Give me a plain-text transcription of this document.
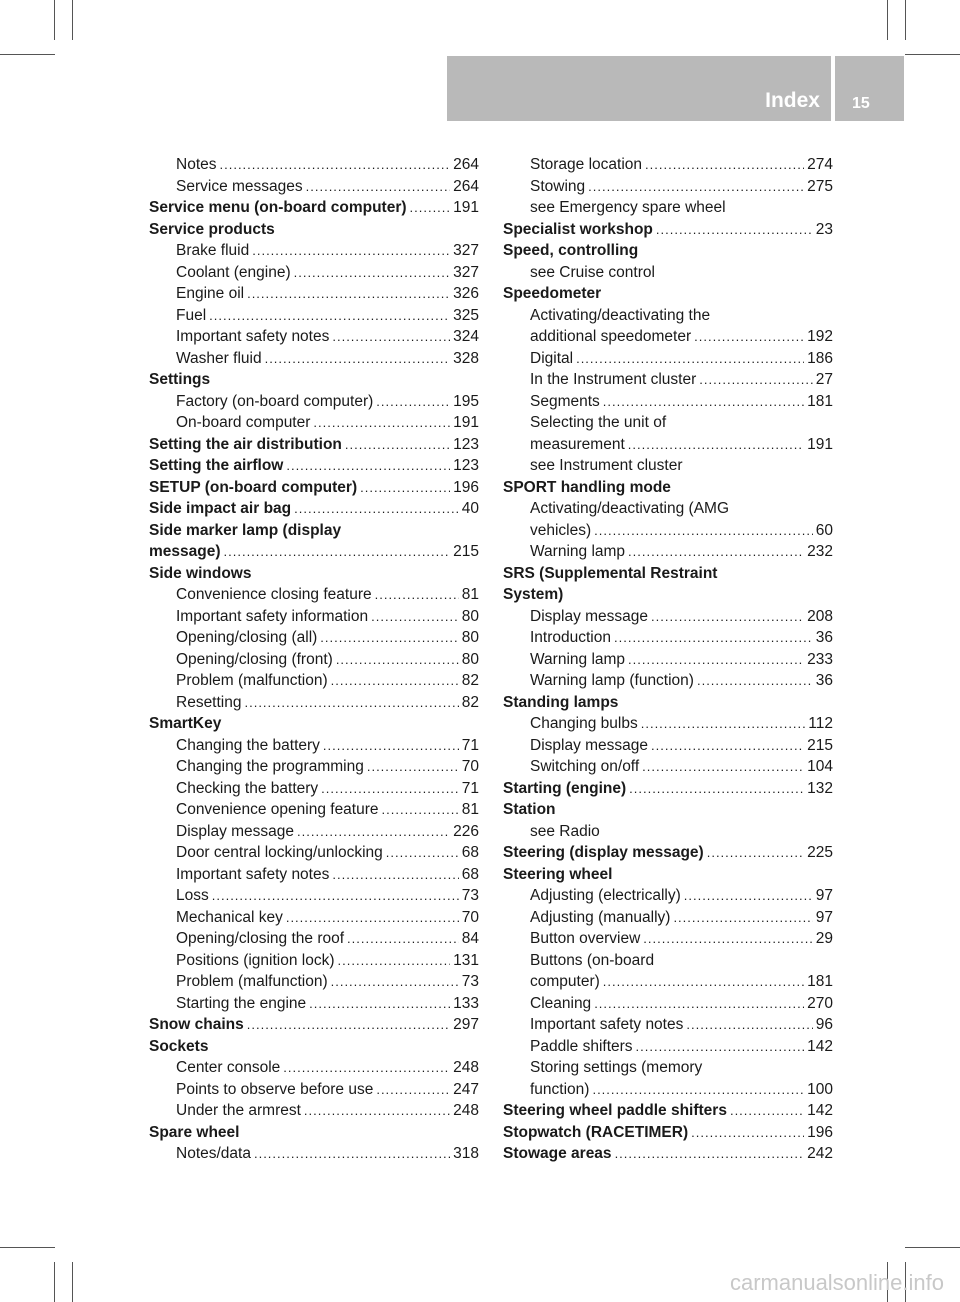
Index 15
Notes .....	264
Service messages .....	264
Service menu (on-board computer) .....	191
Service products
Brake fluid .....	327
Coolant (engine) .....	327
Engine oil .....	326
Fuel .....	325
Important safety notes .....	324
Washer fluid .....	328
Settings
Factory (on-board computer) .....	195
On-board computer .....	191
Setting the air distribution .....	123
Setting the airflow .....	123
SETUP (on-board computer) .....	196
Side impact air bag .....	40
Side marker lamp (display
message) .....	215
Side windows
Convenience closing feature .....	81
Important safety information .....	80
Opening/closing (all) .....	80
Opening/closing (front) .....	80
Problem (malfunction) .....	82
Resetting .....	82
SmartKey
Changing the battery .....	71
Changing the programming .....	70
Checking the battery .....	71
Convenience opening feature .....	81
Display message .....	226
Door central locking/unlocking .....	68
Important safety notes .....	68
Loss .....	73
Mechanical key .....	70
Opening/closing the roof .....	84
Positions (ignition lock) .....	131
Problem (malfunction) .....	73
Starting the engine .....	133
Snow chains .....	297
Sockets
Center console .....	248
Points to observe before use .....	247
Under the armrest .....	248
Spare wheel
Notes/data .....	318
Storage location .....	274
Stowing .....	275
see Emergency spare wheel
Specialist workshop .....	23
Speed, controlling
see Cruise control
Speedometer
Activating/deactivating the
additional speedometer .....	192
Digital .....	186
In the Instrument cluster .....	27
Segments .....	181
Selecting the unit of
measurement .....	191
see Instrument cluster
SPORT handling mode
Activating/deactivating (AMG
vehicles) .....	60
Warning lamp .....	232
SRS (Supplemental Restraint
System)
Display message .....	208
Introduction .....	36
Warning lamp .....	233
Warning lamp (function) .....	36
Standing lamps
Changing bulbs .....	112
Display message .....	215
Switching on/off .....	104
Starting (engine) .....	132
Station
see Radio
Steering (display message) .....	225
Steering wheel
Adjusting (electrically) .....	97
Adjusting (manually) .....	97
Button overview .....	29
Buttons (on-board
computer) .....	181
Cleaning .....	270
Important safety notes .....	96
Paddle shifters .....	142
Storing settings (memory
function) .....	100
Steering wheel paddle shifters .....	142
Stopwatch (RACETIMER) .....	196
Stowage areas .....	242
carmanualsonline.info
